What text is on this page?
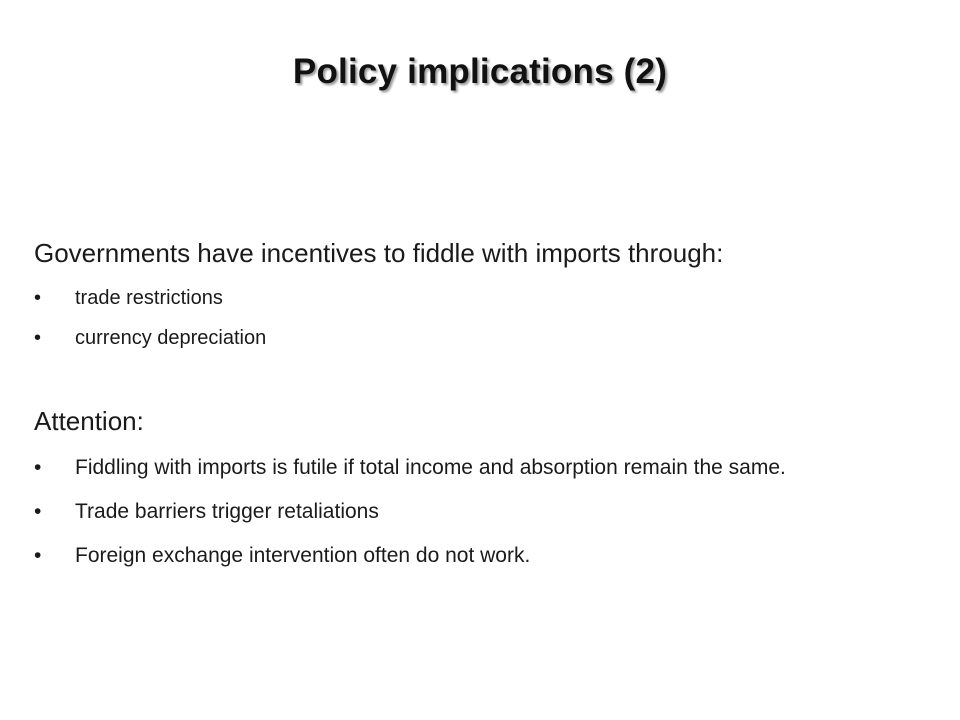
Policy implications (2)
Governments have incentives to fiddle with imports through:
• trade restrictions
• currency depreciation
Attention:
• Fiddling with imports is futile if total income and absorption remain the same.
• Trade barriers trigger retaliations
• Foreign exchange intervention often do not work.
